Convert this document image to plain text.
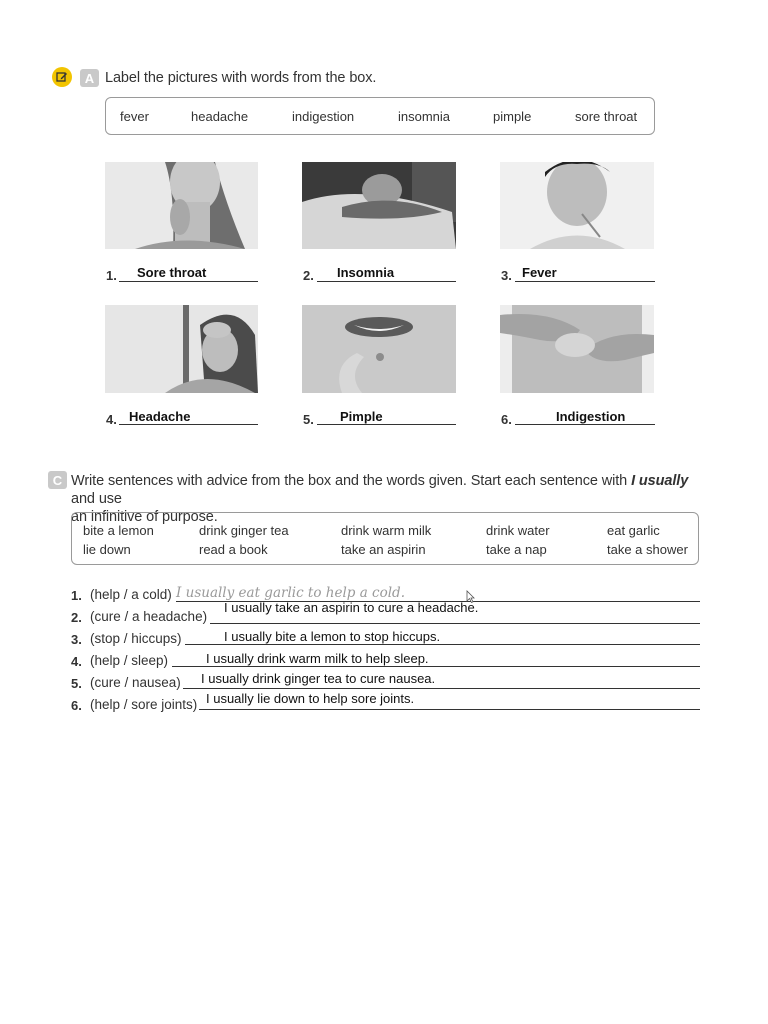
A Label the pictures with words from the box.
fever	headache	indigestion	insomnia	pimple	sore throat
1. Sore throat	2. Insomnia	3. Fever
4. Headache	5. Pimple	6.	Indigestion
C Write sentences with advice from the box and the words given. Start each sentence with I usually and use
an infinitive of purpose.
bite a lemon	drink ginger tea	drink warm milk	drink water	eat garlic
lie down	read a book	take an aspirin	take a nap	take a shower
1. (help / a cold) I usually eat garlic to help a cold.
2. (cure / a headache)
I usually take an aspirin to cure a headache.
3. (stop / hiccups)	I usually bite a lemon to stop hiccups.
4. (help / sleep)	I usually drink warm milk to help sleep.
5. (cure / nausea) I usually drink ginger tea to cure nausea.
6. (help / sore joints) I usually lie down to help sore joints.
